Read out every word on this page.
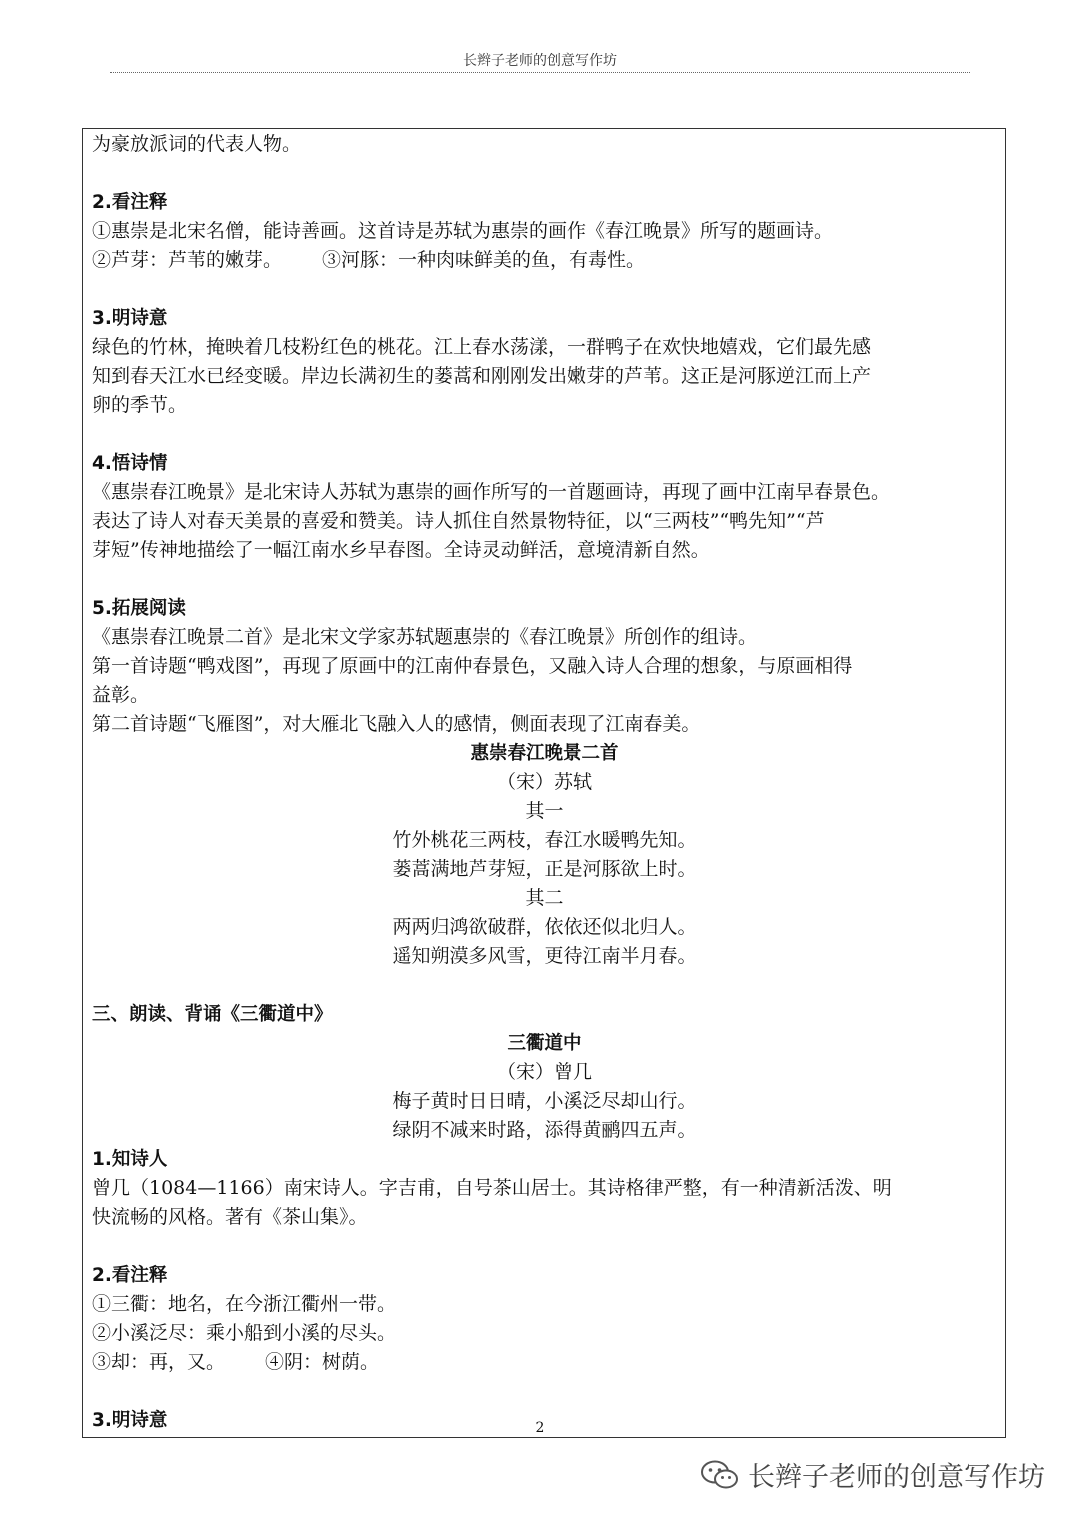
长辫子老师的创意写作坊

为豪放派词的代表人物。

2.看注释

①惠崇是北宋名僧，能诗善画。这首诗是苏轼为惠崇的画作《春江晚景》所写的题画诗。

②芦芽：芦苇的嫩芽。 ③河豚：一种肉味鲜美的鱼，有毒性。

3.明诗意

绿色的竹林，掩映着几枝粉红色的桃花。江上春水荡漾，一群鸭子在欢快地嬉戏，它们最先感

知到春天江水已经变暖。岸边长满初生的蒌蒿和刚刚发出嫩芽的芦苇。这正是河豚逆江而上产

卵的季节。

4.悟诗情

《惠崇春江晚景》是北宋诗人苏轼为惠崇的画作所写的一首题画诗，再现了画中江南早春景色。

表达了诗人对春天美景的喜爱和赞美。诗人抓住自然景物特征，以“三两枝”“鸭先知”“芦

芽短”传神地描绘了一幅江南水乡早春图。全诗灵动鲜活，意境清新自然。

5.拓展阅读

《惠崇春江晚景二首》是北宋文学家苏轼题惠崇的《春江晚景》所创作的组诗。

第一首诗题“鸭戏图”，再现了原画中的江南仲春景色，又融入诗人合理的想象，与原画相得

益彰。

第二首诗题“飞雁图”，对大雁北飞融入人的感情，侧面表现了江南春美。

惠崇春江晚景二首

（宋）苏轼

其一

竹外桃花三两枝，春江水暖鸭先知。

蒌蒿满地芦芽短，正是河豚欲上时。

其二

两两归鸿欲破群，依依还似北归人。

遥知朔漠多风雪，更待江南半月春。

三、朗读、背诵《三衢道中》

三衢道中

（宋）曾几

梅子黄时日日晴，小溪泛尽却山行。

绿阴不减来时路，添得黄鹂四五声。

1.知诗人

曾几（1084—1166）南宋诗人。字吉甫，自号茶山居士。其诗格律严整，有一种清新活泼、明

快流畅的风格。著有《茶山集》。

2.看注释

①三衢：地名，在今浙江衢州一带。

②小溪泛尽：乘小船到小溪的尽头。

③却：再，又。 ④阴：树荫。

3.明诗意	2
长辫子老师的创意写作坊
